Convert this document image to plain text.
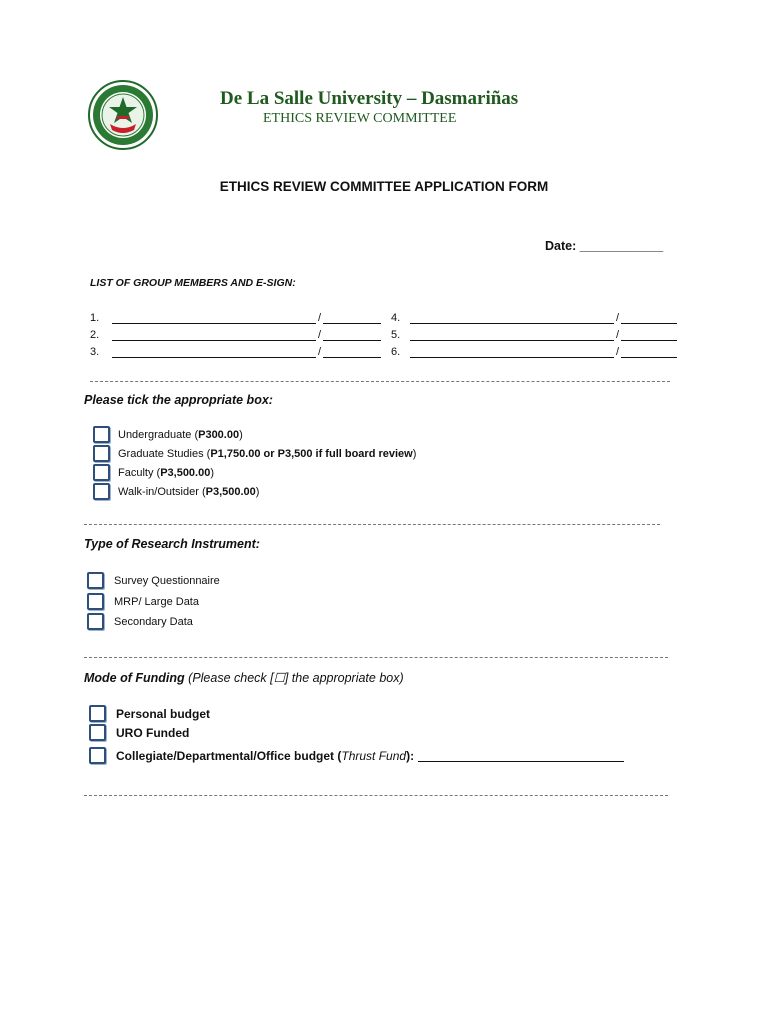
De La Salle University – Dasmariñas
ETHICS REVIEW COMMITTEE
ETHICS REVIEW COMMITTEE APPLICATION FORM
Date: ____________
LIST OF GROUP MEMBERS AND E-SIGN:
1.	/
2.	/
3.	/
4.	/
5.	/
6.	/
Please tick the appropriate box:
Undergraduate (P300.00)
Graduate Studies (P1,750.00 or P3,500 if full board review)
Faculty (P3,500.00)
Walk-in/Outsider (P3,500.00)
Type of Research Instrument:
Survey Questionnaire
MRP/ Large Data
Secondary Data
Mode of Funding (Please check [☐] the appropriate box)
Personal budget
URO Funded
Collegiate/Departmental/Office budget (Thrust Fund):
